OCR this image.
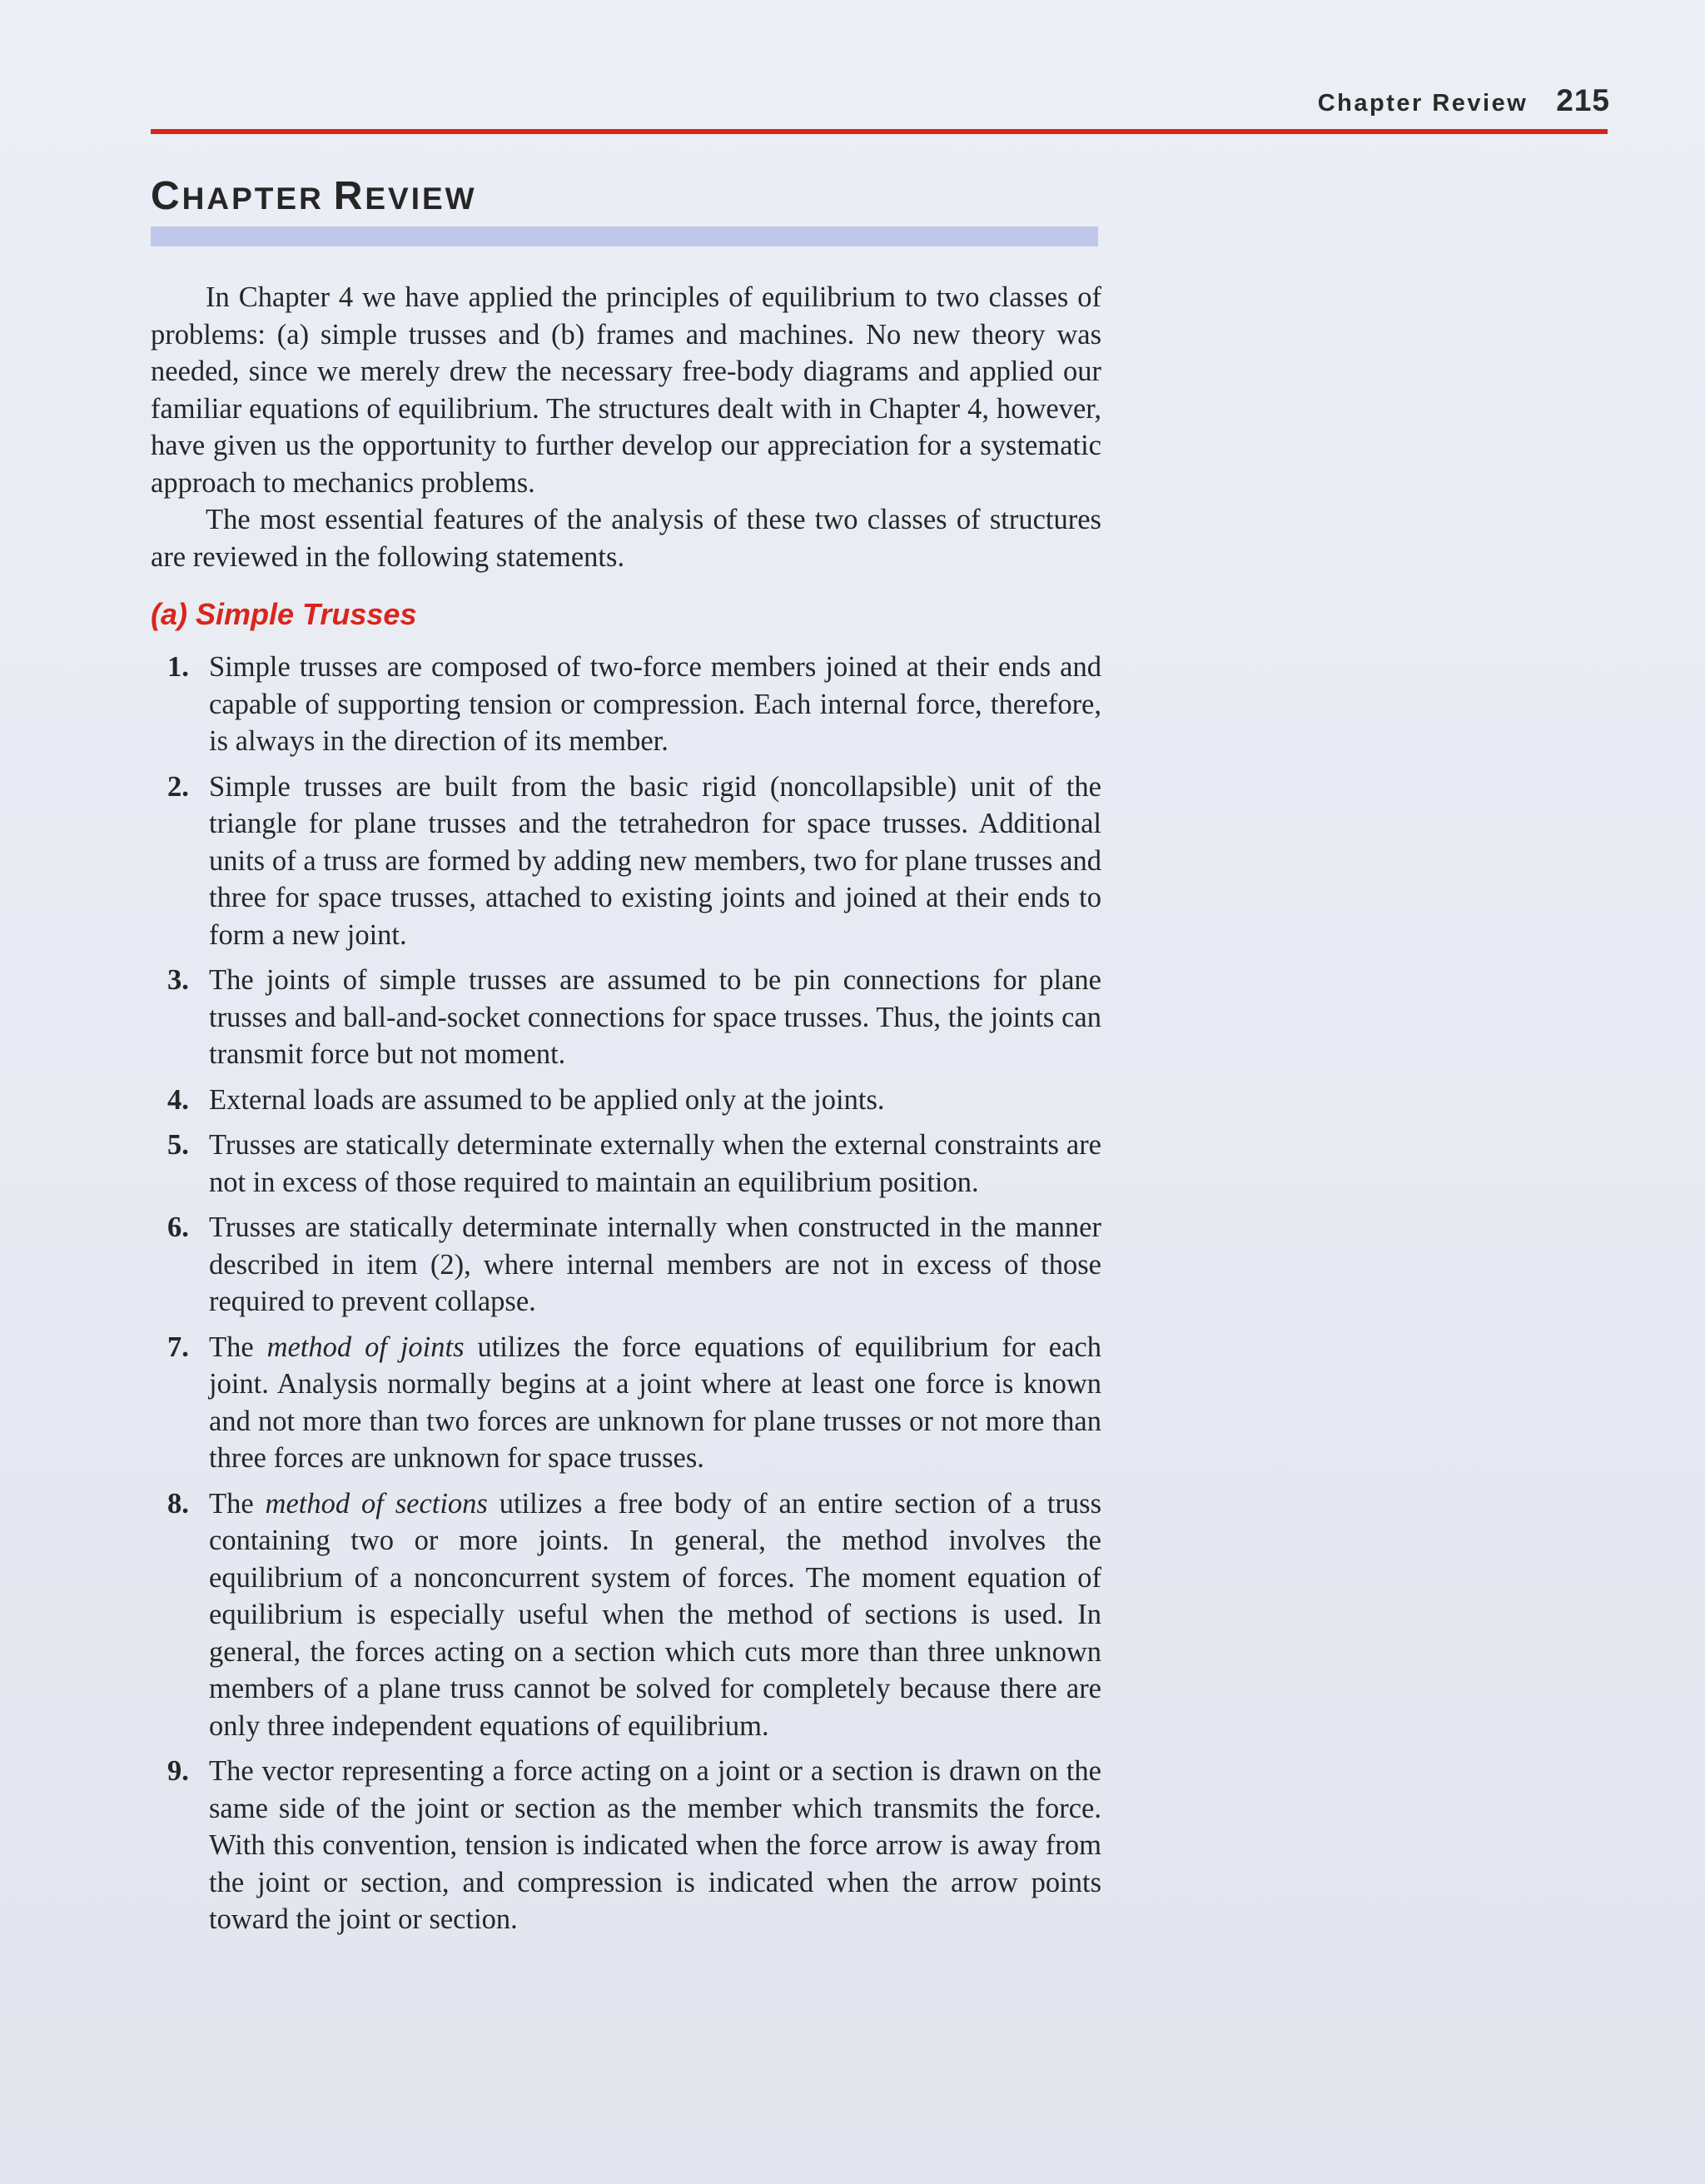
Chapter Review 215
CHAPTER REVIEW

In Chapter 4 we have applied the principles of equilibrium to two classes of problems: (a) simple trusses and (b) frames and machines. No new theory was needed, since we merely drew the necessary free-body diagrams and applied our familiar equations of equilibrium. The structures dealt with in Chapter 4, however, have given us the opportunity to further develop our appreciation for a systematic approach to mechanics problems.

The most essential features of the analysis of these two classes of structures are reviewed in the following statements.

(a) Simple Trusses
1. Simple trusses are composed of two-force members joined at their ends and capable of supporting tension or compression. Each internal force, therefore, is always in the direction of its member.
2. Simple trusses are built from the basic rigid (noncollapsible) unit of the triangle for plane trusses and the tetrahedron for space trusses. Additional units of a truss are formed by adding new members, two for plane trusses and three for space trusses, attached to existing joints and joined at their ends to form a new joint.
3. The joints of simple trusses are assumed to be pin connections for plane trusses and ball-and-socket connections for space trusses. Thus, the joints can transmit force but not moment.
4. External loads are assumed to be applied only at the joints.
5. Trusses are statically determinate externally when the external constraints are not in excess of those required to maintain an equilibrium position.
6. Trusses are statically determinate internally when constructed in the manner described in item (2), where internal members are not in excess of those required to prevent collapse.
7. The method of joints utilizes the force equations of equilibrium for each joint. Analysis normally begins at a joint where at least one force is known and not more than two forces are unknown for plane trusses or not more than three forces are unknown for space trusses.
8. The method of sections utilizes a free body of an entire section of a truss containing two or more joints. In general, the method involves the equilibrium of a nonconcurrent system of forces. The moment equation of equilibrium is especially useful when the method of sections is used. In general, the forces acting on a section which cuts more than three unknown members of a plane truss cannot be solved for completely because there are only three independent equations of equilibrium.
9. The vector representing a force acting on a joint or a section is drawn on the same side of the joint or section as the member which transmits the force. With this convention, tension is indicated when the force arrow is away from the joint or section, and compression is indicated when the arrow points toward the joint or section.
